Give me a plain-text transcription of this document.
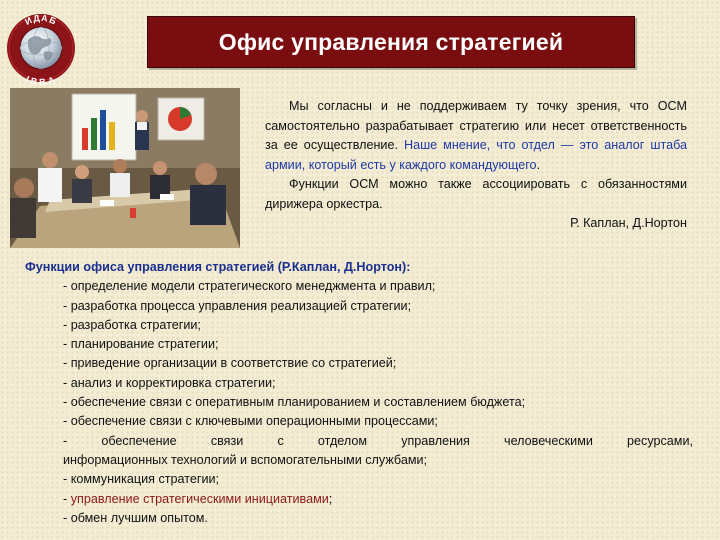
ИДАБ
IBBA
Офис управления стратегией

Мы согласны и не поддерживаем ту точку зрения, что ОСМ самостоятельно разрабатывает стратегию или несет ответственность за ее осуществление. Наше мнение, что отдел — это аналог штаба армии, который есть у каждого командующего.

Функции ОСМ можно также ассоциировать с обязанностями дирижера оркестра.

Р. Каплан, Д.Нортон

Функции офиса управления стратегией (Р.Каплан, Д.Нортон):
- определение модели стратегического менеджмента и правил;
- разработка процесса управления реализацией стратегии;
- разработка стратегии;
- планирование стратегии;
- приведение организации в соответствие со стратегией;
- анализ и корректировка стратегии;
- обеспечение связи с оперативным планированием и составлением бюджета;
- обеспечение связи с ключевыми операционными процессами;
- обеспечение связи с отделом управления человеческими ресурсами,
информационных технологий и вспомогательными службами;
- коммуникация стратегии;
- управление стратегическими инициативами;
- обмен лучшим опытом.
